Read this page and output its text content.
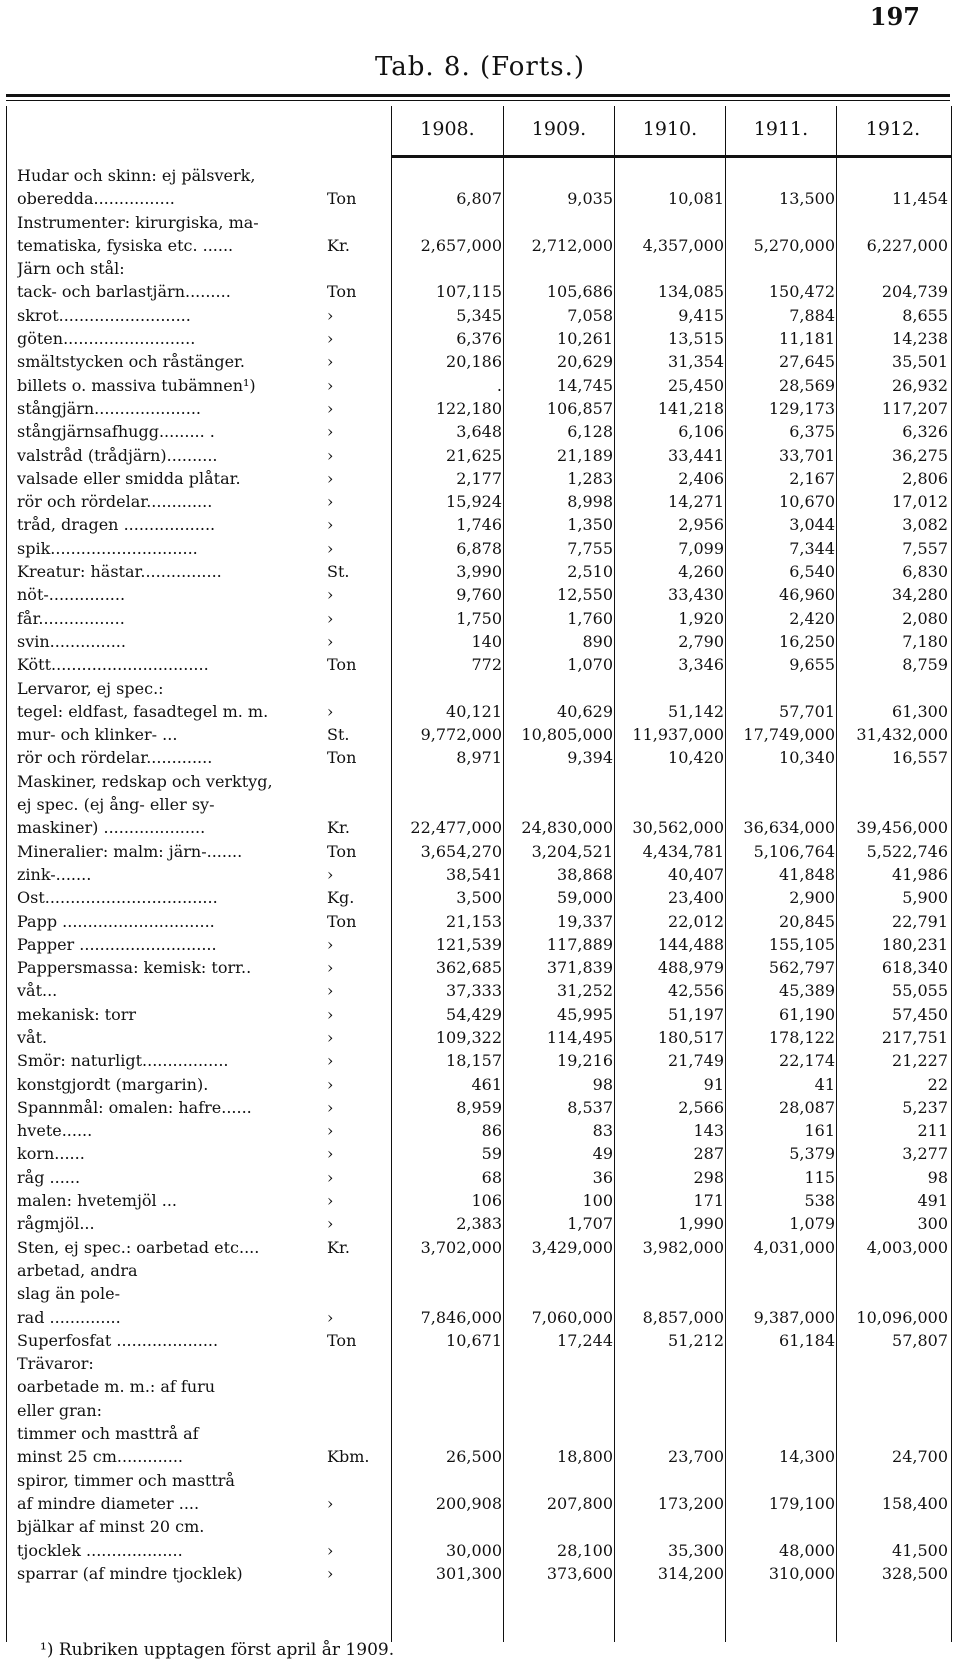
197
Tab. 8. (Forts.)
1908.	1909.	1910.	1911.	1912.
Hudar och skinn: ej pälsverk,
oberedda................	Ton	6,807	9,035	10,081	13,500	11,454
Instrumenter: kirurgiska, ma-
tematiska, fysiska etc. ......	Kr.	2,657,000	2,712,000	4,357,000	5,270,000	6,227,000
Järn och stål:
tack- och barlastjärn.........	Ton	107,115	105,686	134,085	150,472	204,739
skrot..........................	›	5,345	7,058	9,415	7,884	8,655
göten..........................	›	6,376	10,261	13,515	11,181	14,238
smältstycken och råstänger.	›	20,186	20,629	31,354	27,645	35,501
billets o. massiva tubämnen¹)	›	.	14,745	25,450	28,569	26,932
stångjärn.....................	›	122,180	106,857	141,218	129,173	117,207
stångjärnsafhugg......... .	›	3,648	6,128	6,106	6,375	6,326
valstråd (trådjärn)..........	›	21,625	21,189	33,441	33,701	36,275
valsade eller smidda plåtar.	›	2,177	1,283	2,406	2,167	2,806
rör och rördelar.............	›	15,924	8,998	14,271	10,670	17,012
tråd, dragen ..................	›	1,746	1,350	2,956	3,044	3,082
spik.............................	›	6,878	7,755	7,099	7,344	7,557
Kreatur: hästar................	St.	3,990	2,510	4,260	6,540	6,830
nöt-...............	›	9,760	12,550	33,430	46,960	34,280
får.................	›	1,750	1,760	1,920	2,420	2,080
svin...............	›	140	890	2,790	16,250	7,180
Kött...............................	Ton	772	1,070	3,346	9,655	8,759
Lervaror, ej spec.:
tegel: eldfast, fasadtegel m. m.	›	40,121	40,629	51,142	57,701	61,300
mur- och klinker- ...	St.	9,772,000	10,805,000	11,937,000	17,749,000	31,432,000
rör och rördelar.............	Ton	8,971	9,394	10,420	10,340	16,557
Maskiner, redskap och verktyg,
ej spec. (ej ång- eller sy-
maskiner) ....................	Kr.	22,477,000	24,830,000	30,562,000	36,634,000	39,456,000
Mineralier: malm: järn-.......	Ton	3,654,270	3,204,521	4,434,781	5,106,764	5,522,746
zink-.......	›	38,541	38,868	40,407	41,848	41,986
Ost..................................	Kg.	3,500	59,000	23,400	2,900	5,900
Papp ..............................	Ton	21,153	19,337	22,012	20,845	22,791
Papper ...........................	›	121,539	117,889	144,488	155,105	180,231
Pappersmassa: kemisk: torr..	›	362,685	371,839	488,979	562,797	618,340
våt...	›	37,333	31,252	42,556	45,389	55,055
mekanisk: torr	›	54,429	45,995	51,197	61,190	57,450
våt.	›	109,322	114,495	180,517	178,122	217,751
Smör: naturligt.................	›	18,157	19,216	21,749	22,174	21,227
konstgjordt (margarin).	›	461	98	91	41	22
Spannmål: omalen: hafre......	›	8,959	8,537	2,566	28,087	5,237
hvete......	›	86	83	143	161	211
korn......	›	59	49	287	5,379	3,277
råg ......	›	68	36	298	115	98
malen: hvetemjöl ...	›	106	100	171	538	491
rågmjöl...	›	2,383	1,707	1,990	1,079	300
Sten, ej spec.: oarbetad etc....	Kr.	3,702,000	3,429,000	3,982,000	4,031,000	4,003,000
arbetad, andra
slag än pole-
rad ..............	›	7,846,000	7,060,000	8,857,000	9,387,000	10,096,000
Superfosfat ....................	Ton	10,671	17,244	51,212	61,184	57,807
Trävaror:
oarbetade m. m.: af furu
eller gran:
timmer och masttrå af
minst 25 cm.............	Kbm.	26,500	18,800	23,700	14,300	24,700
spiror, timmer och masttrå
af mindre diameter ....	›	200,908	207,800	173,200	179,100	158,400
bjälkar af minst 20 cm.
tjocklek ...................	›	30,000	28,100	35,300	48,000	41,500
sparrar (af mindre tjocklek)	›	301,300	373,600	314,200	310,000	328,500
¹) Rubriken upptagen först april år 1909.
